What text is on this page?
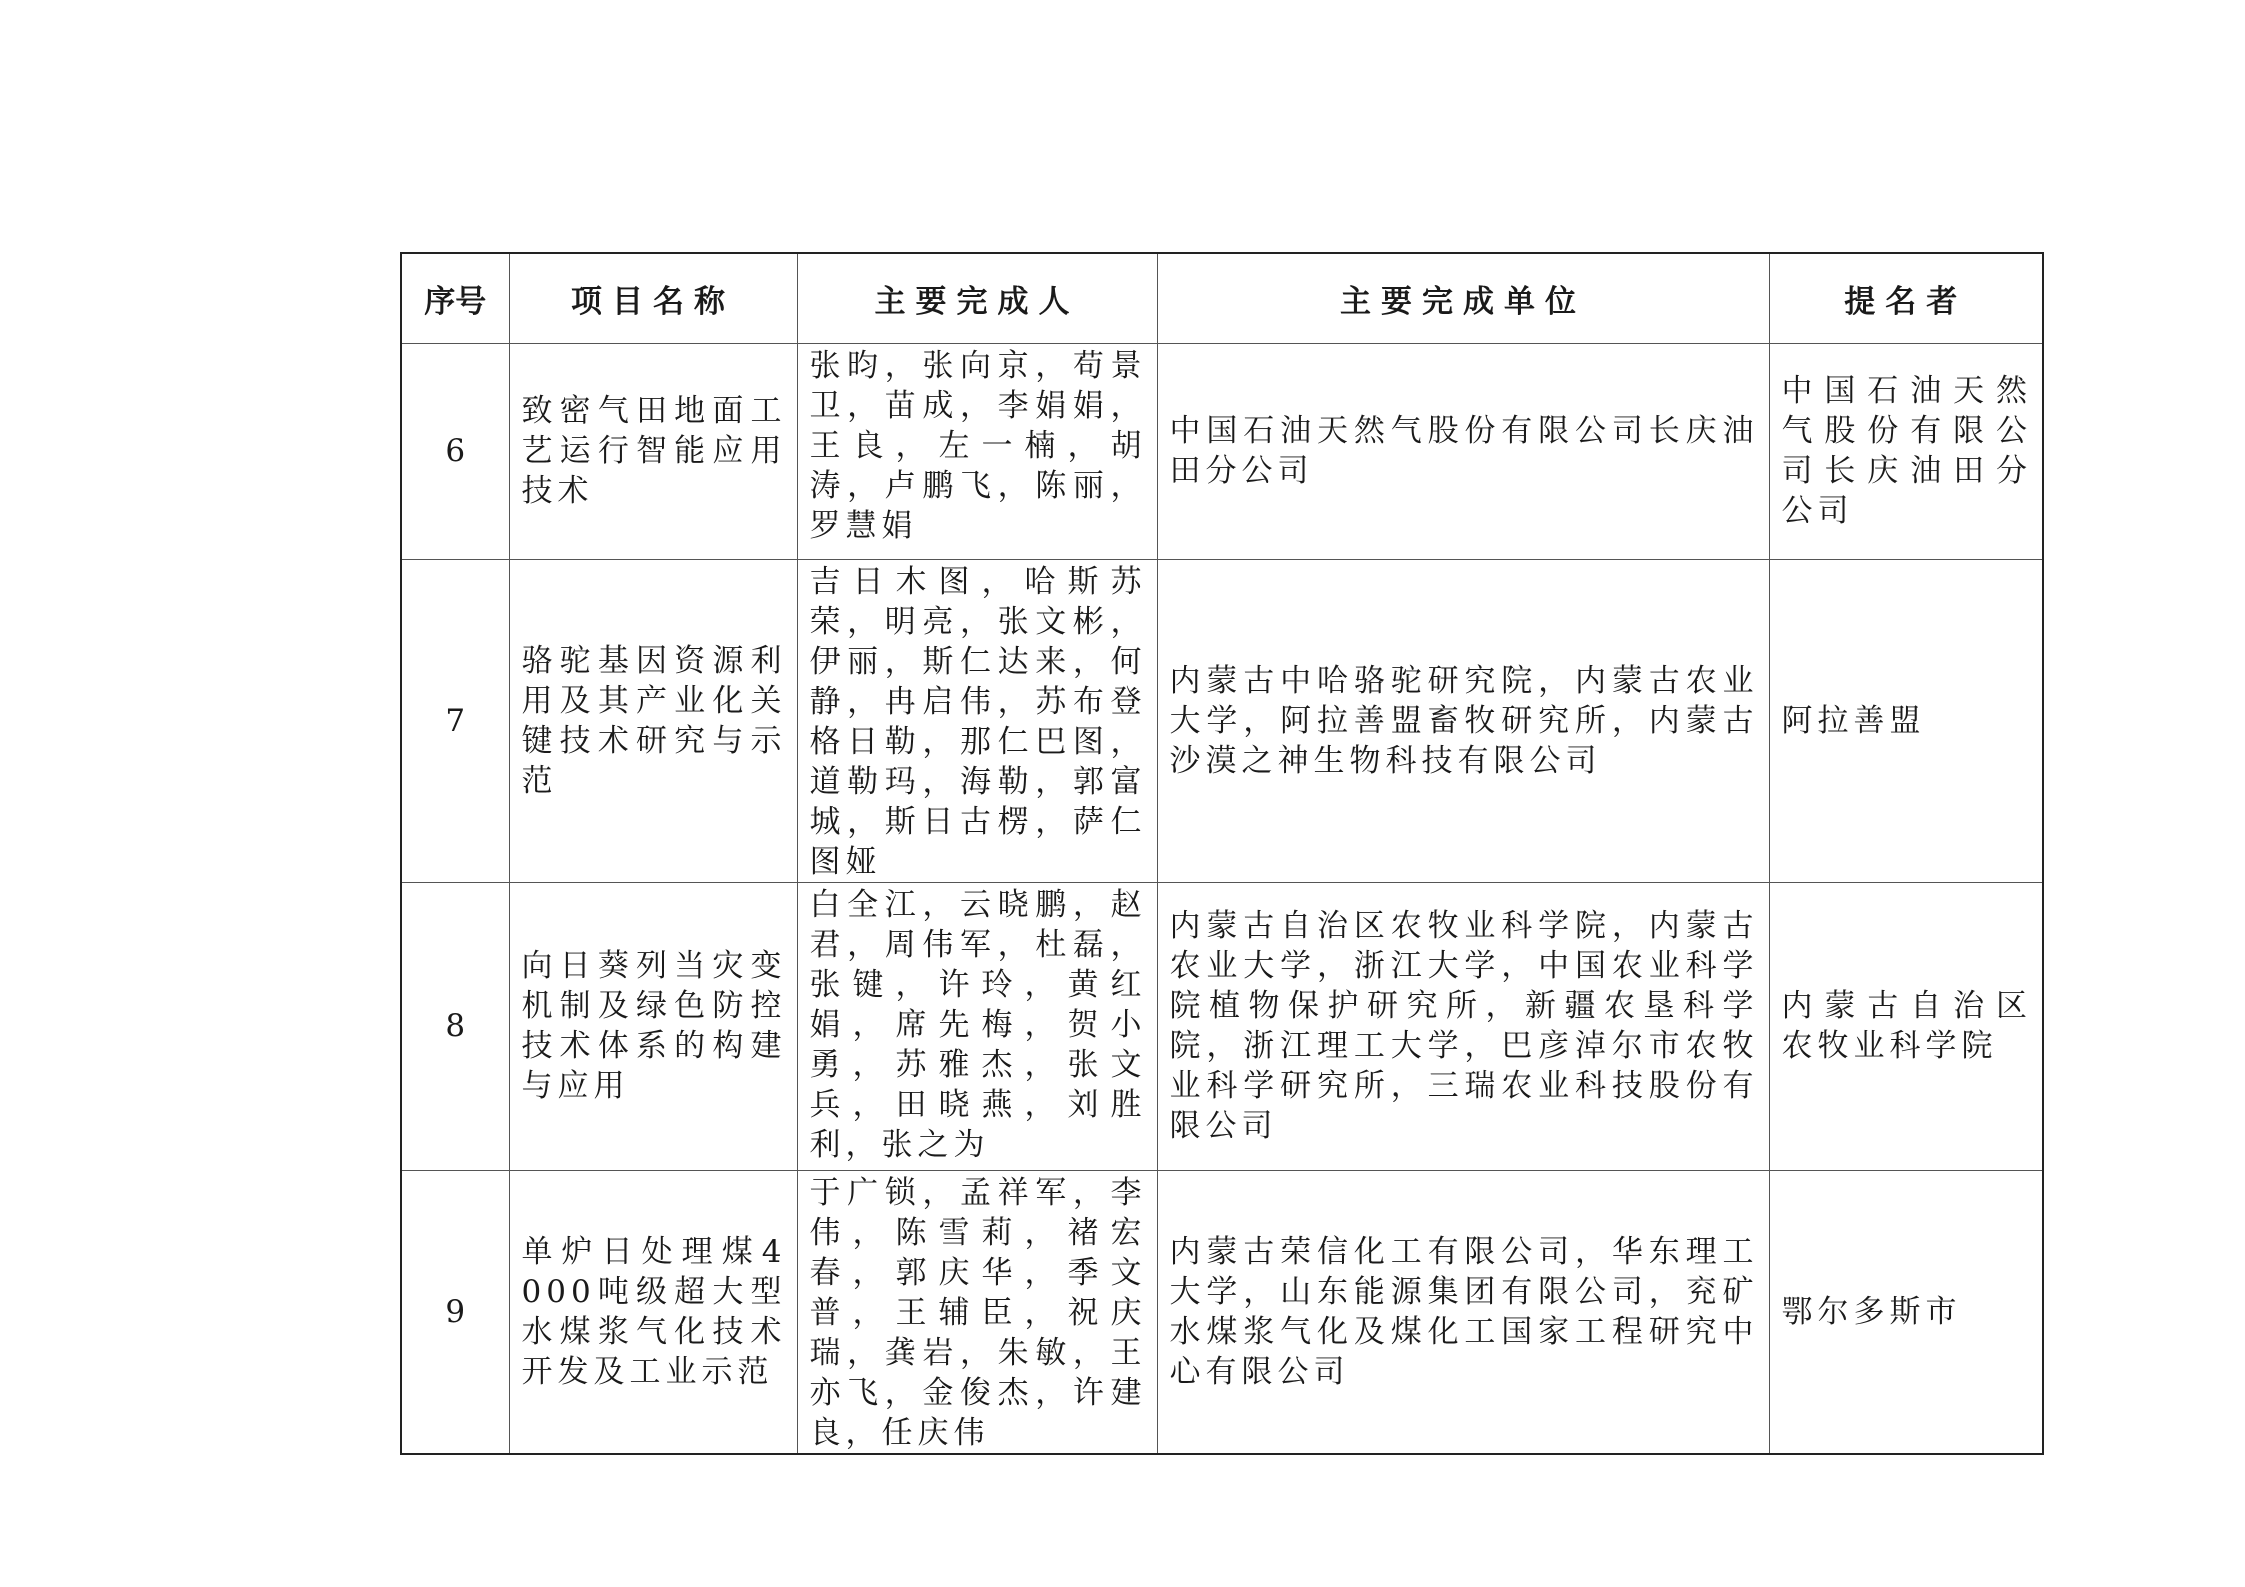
序号	项目名称	主要完成人	主要完成单位	提名者
6	致密气田地面工艺运行智能应用技术	张昀，张向京，苟景卫，苗成，李娟娟，王良，左一楠，胡涛，卢鹏飞，陈丽，罗慧娟	中国石油天然气股份有限公司长庆油田分公司	中国石油天然气股份有限公司长庆油田分公司
7	骆驼基因资源利用及其产业化关键技术研究与示范	吉日木图，哈斯苏荣，明亮，张文彬，伊丽，斯仁达来，何静，冉启伟，苏布登格日勒，那仁巴图，道勒玛，海勒，郭富城，斯日古楞，萨仁图娅	内蒙古中哈骆驼研究院，内蒙古农业大学，阿拉善盟畜牧研究所，内蒙古沙漠之神生物科技有限公司	阿拉善盟
8	向日葵列当灾变机制及绿色防控技术体系的构建与应用	白全江，云晓鹏，赵君，周伟军，杜磊，张键，许玲，黄红娟，席先梅，贺小勇，苏雅杰，张文兵，田晓燕，刘胜利，张之为	内蒙古自治区农牧业科学院，内蒙古农业大学，浙江大学，中国农业科学院植物保护研究所，新疆农垦科学院，浙江理工大学，巴彦淖尔市农牧业科学研究所，三瑞农业科技股份有限公司	内蒙古自治区农牧业科学院
9	单炉日处理煤4000吨级超大型水煤浆气化技术开发及工业示范	于广锁，孟祥军，李伟，陈雪莉，褚宏春，郭庆华，季文普，王辅臣，祝庆瑞，龚岩，朱敏，王亦飞，金俊杰，许建良，任庆伟	内蒙古荣信化工有限公司，华东理工大学，山东能源集团有限公司，兖矿水煤浆气化及煤化工国家工程研究中心有限公司	鄂尔多斯市
